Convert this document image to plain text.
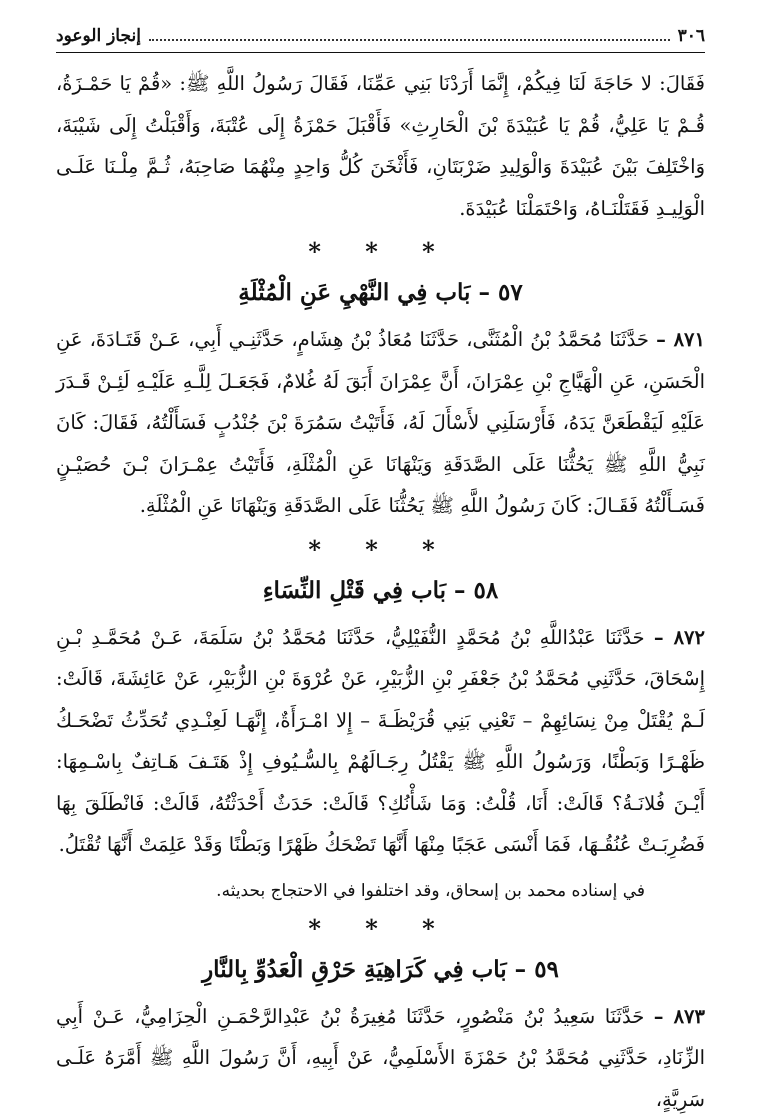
٣٠٦
إنجاز الوعود

فَقَالَ: لا حَاجَةَ لَنَا فِيكُمْ، إِنَّمَا أَرَدْنَا بَنِي عَمِّنَا، فَقَالَ رَسُولُ اللَّهِ ﷺ: «قُمْ يَا حَمْـزَةُ، قُـمْ يَا عَلِيُّ، قُمْ يَا عُبَيْدَةَ بْنَ الْحَارِثِ» فَأَقْبَلَ حَمْزَةُ إِلَى عُتْبَةَ، وَأَقْبَلْتُ إِلَى شَيْبَةَ، وَاخْتَلِفَ بَيْنَ عُبَيْدَةَ وَالْوَلِيدِ ضَرْبَتَانِ، فَأَثْخَنَ كُلُّ وَاحِدٍ مِنْهُمَا صَاحِبَهُ، ثُـمَّ مِلْـنَا عَلَـى الْوَلِيـدِ فَقَتَلْنَـاهُ، وَاحْتَمَلْنَا عُبَيْدَةَ.

* * *
٥٧ – بَاب فِي النَّهْيِ عَنِ الْمُثْلَةِ

٨٧١ – حَدَّثَنَا مُحَمَّدُ بْنُ الْمُثَنَّى، حَدَّثَنَا مُعَاذُ بْنُ هِشَامٍ، حَدَّثَنِـي أَبِي، عَـنْ قَتَـادَةَ، عَنِ الْحَسَنِ، عَنِ الْهَيَّاجِ بْنِ عِمْرَانَ، أَنَّ عِمْرَانَ أَبَقَ لَهُ غُلامٌ، فَجَعَـلَ لِلَّـهِ عَلَيْـهِ لَئِـنْ قَـدَرَ عَلَيْهِ لَيَقْطَعَنَّ يَدَهُ، فَأَرْسَلَنِي لأَسْأَلَ لَهُ، فَأَتَيْتُ سَمُرَةَ بْنَ جُنْدُبٍ فَسَأَلْتُهُ، فَقَالَ: كَانَ نَبِيُّ اللَّهِ ﷺ يَحُثُّنَا عَلَى الصَّدَقَةِ وَيَنْهَانَا عَنِ الْمُثْلَةِ، فَأَتَيْتُ عِمْـرَانَ بْـنَ حُصَيْـنٍ فَسَـأَلْتُهُ فَقَـالَ: كَانَ رَسُولُ اللَّهِ ﷺ يَحُثُّنَا عَلَى الصَّدَقَةِ وَيَنْهَانَا عَنِ الْمُثْلَةِ.

* * *
٥٨ – بَاب فِي قَتْلِ النِّسَاءِ

٨٧٢ – حَدَّثَنَا عَبْدُاللَّهِ بْنُ مُحَمَّدٍ النُّفَيْلِيُّ، حَدَّثَنَا مُحَمَّدُ بْنُ سَلَمَةَ، عَـنْ مُحَمَّـدِ بْـنِ إِسْحَاقَ، حَدَّثَنِي مُحَمَّدُ بْنُ جَعْفَرِ بْنِ الزُّبَيْرِ، عَنْ عُرْوَةَ بْنِ الزُّبَيْرِ، عَنْ عَائِشَةَ، قَالَتْ: لَـمْ يُقْتَلْ مِنْ نِسَائِهِمْ – تَعْنِي بَنِي قُرَيْظَـةَ – إِلا امْـرَأَةٌ، إِنَّهَـا لَعِنْـدِي تُحَدِّثُ تَضْحَـكُ ظَهْـرًا وَبَطْنًا، وَرَسُولُ اللَّهِ ﷺ يَقْتُلُ رِجَـالَهُمْ بِالسُّـيُوفِ إِذْ هَتَـفَ هَـاتِفٌ بِاسْـمِهَا: أَيْـنَ فُلانَـةُ؟ قَالَتْ: أَنَا، قُلْتُ: وَمَا شَأْنُكِ؟ قَالَتْ: حَدَثٌ أَحْدَثْتُهُ، قَالَتْ: فَانْطَلَقَ بِهَا فَضُرِبَـتْ عُنُقُـهَا، فَمَا أَنْسَى عَجَبًا مِنْهَا أَنَّهَا تَضْحَكُ ظَهْرًا وَبَطْنًا وَقَدْ عَلِمَتْ أَنَّهَا تُقْتَلُ.

في إسناده محمد بن إسحاق، وقد اختلفوا في الاحتجاج بحديثه.

* * *
٥٩ – بَاب فِي كَرَاهِيَةِ حَرْقِ الْعَدُوِّ بِالنَّارِ

٨٧٣ – حَدَّثَنَا سَعِيدُ بْنُ مَنْصُورٍ، حَدَّثَنَا مُغِيرَةُ بْنُ عَبْدِالرَّحْمَـنِ الْحِزَامِيُّ، عَـنْ أَبِي الزِّنَادِ، حَدَّثَنِي مُحَمَّدُ بْنُ حَمْزَةَ الأَسْلَمِيُّ، عَنْ أَبِيهِ، أَنَّ رَسُولَ اللَّهِ ﷺ أَمَّرَهُ عَلَـى سَرِيَّةٍ،
